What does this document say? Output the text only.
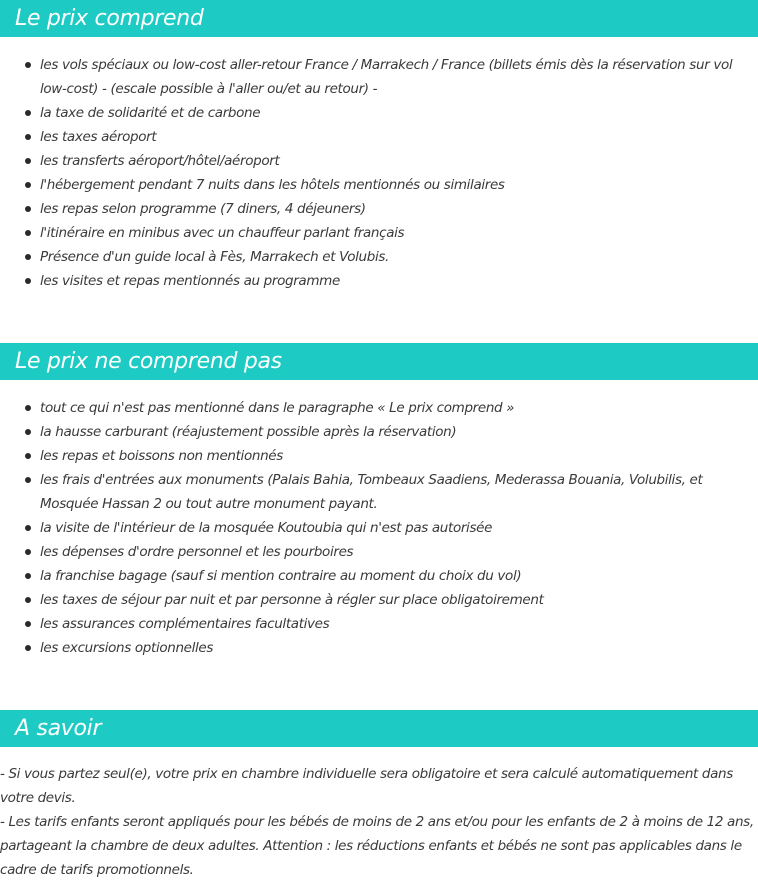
Le prix comprend
les vols spéciaux ou low-cost aller-retour France / Marrakech / France (billets émis dès la réservation sur vol low-cost) - (escale possible à l'aller ou/et au retour) -
la taxe de solidarité et de carbone
les taxes aéroport
les transferts aéroport/hôtel/aéroport
l'hébergement pendant 7 nuits dans les hôtels mentionnés ou similaires
les repas selon programme (7 diners, 4 déjeuners)
l'itinéraire en minibus avec un chauffeur parlant français
Présence d'un guide local à Fès, Marrakech et Volubis.
les visites et repas mentionnés au programme
Le prix ne comprend pas
tout ce qui n'est pas mentionné dans le paragraphe « Le prix comprend »
la hausse carburant (réajustement possible après la réservation)
les repas et boissons non mentionnés
les frais d'entrées aux monuments (Palais Bahia, Tombeaux Saadiens, Mederassa Bouania, Volubilis, et Mosquée Hassan 2 ou tout autre monument payant.
la visite de l'intérieur de la mosquée Koutoubia qui n'est pas autorisée
les dépenses d'ordre personnel et les pourboires
la franchise bagage (sauf si mention contraire au moment du choix du vol)
les taxes de séjour par nuit et par personne à régler sur place obligatoirement
les assurances complémentaires facultatives
les excursions optionnelles
A savoir

- Si vous partez seul(e), votre prix en chambre individuelle sera obligatoire et sera calculé automatiquement dans votre devis.

- Les tarifs enfants seront appliqués pour les bébés de moins de 2 ans et/ou pour les enfants de 2 à moins de 12 ans, partageant la chambre de deux adultes. Attention : les réductions enfants et bébés ne sont pas applicables dans le cadre de tarifs promotionnels.
